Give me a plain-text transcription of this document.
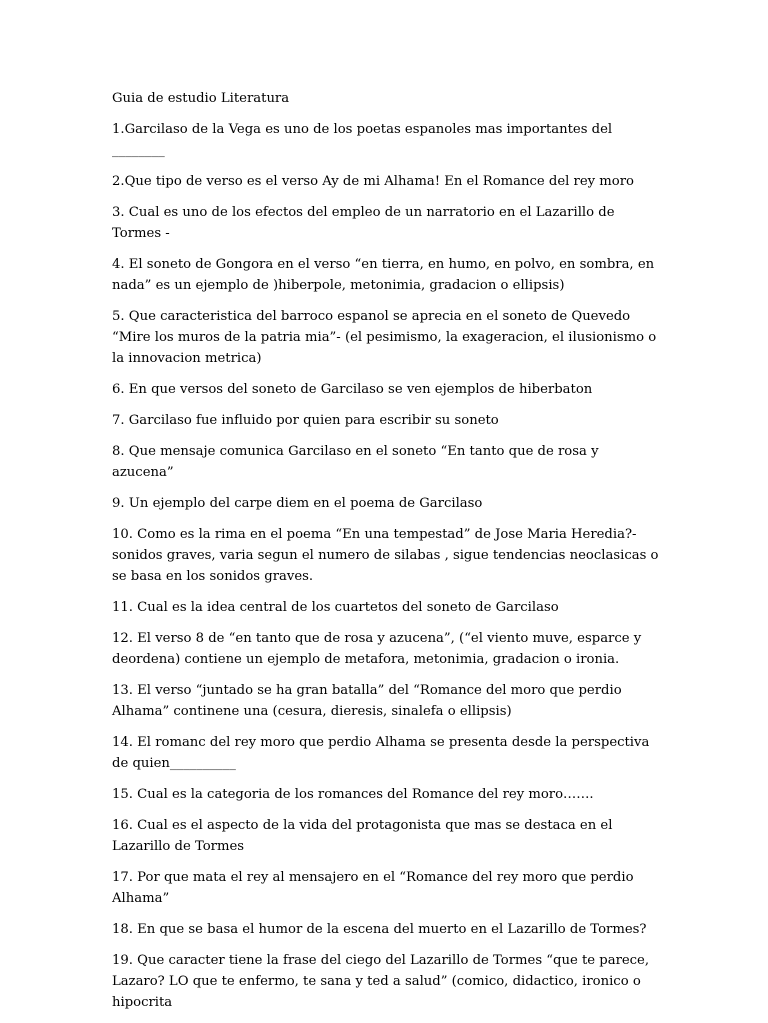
Guia de estudio Literatura
1.Garcilaso de la Vega es uno de los poetas espanoles mas importantes del ________
2.Que tipo de verso es el verso Ay de mi Alhama! En el Romance del rey moro
3. Cual es uno de los efectos del empleo de un narratorio en el Lazarillo de Tormes -
4. El soneto de Gongora en el verso “en tierra, en humo, en polvo, en sombra, en nada” es un ejemplo de )hiberpole, metonimia, gradacion o ellipsis)
5. Que caracteristica del barroco espanol se aprecia en el soneto de Quevedo “Mire los muros de la patria mia”- (el pesimismo, la exageracion, el ilusionismo o la innovacion metrica)
6. En que versos del soneto de Garcilaso se ven ejemplos de hiberbaton
7. Garcilaso fue influido por quien para escribir su soneto
8. Que mensaje comunica Garcilaso en el soneto “En tanto que de rosa y azucena”
9. Un ejemplo del carpe diem en el poema de Garcilaso
10. Como es la rima en el poema “En una tempestad” de Jose Maria Heredia?- sonidos graves, varia segun el numero de silabas , sigue tendencias neoclasicas o se basa en los sonidos graves.
11. Cual es la idea central de los cuartetos del soneto de Garcilaso
12. El verso 8 de “en tanto que de rosa y azucena”, (“el viento muve, esparce y deordena) contiene un ejemplo de metafora, metonimia, gradacion o ironia.
13. El verso “juntado se ha gran batalla” del “Romance del moro que perdio Alhama” continene una (cesura, dieresis, sinalefa o ellipsis)
14. El romanc del rey moro que perdio Alhama se presenta desde la perspectiva de quien__________
15. Cual es la categoria de los romances del Romance del rey moro…….
16. Cual es el aspecto de la vida del protagonista que mas se destaca en el Lazarillo de Tormes
17. Por que mata el rey al mensajero en el “Romance del rey moro que perdio Alhama”
18. En que se basa el humor de la escena del muerto en el Lazarillo de Tormes?
19. Que caracter tiene la frase del ciego del Lazarillo de Tormes “que te parece, Lazaro? LO que te enfermo, te sana y ted a salud” (comico, didactico, ironico o hipocrita
